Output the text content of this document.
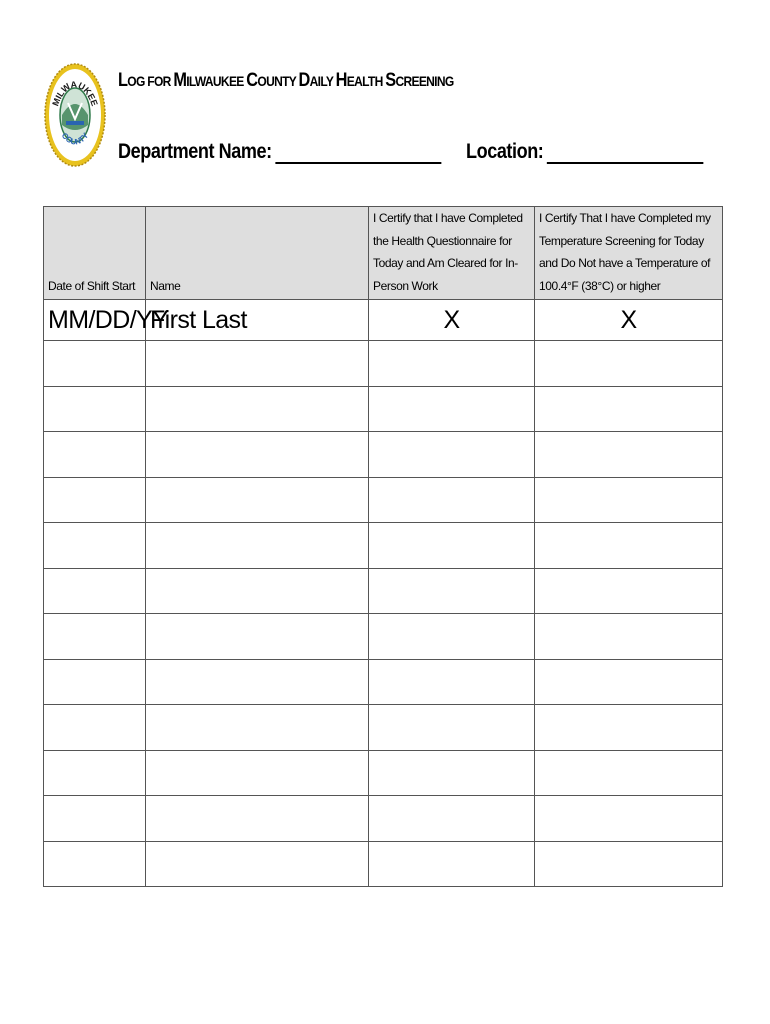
MILWAUKEE
COUNTY
LOG FOR MILWAUKEE COUNTY DAILY HEALTH SCREENING
Department Name:	Location:
Date of Shift Start	Name	I Certify that I have Completed the Health Questionnaire for Today and Am Cleared for In-Person Work	I Certify That I have Completed my Temperature Screening for Today and Do Not have a Temperature of 100.4°F (38°C) or higher

MM/DD/YY	First Last	X	X
